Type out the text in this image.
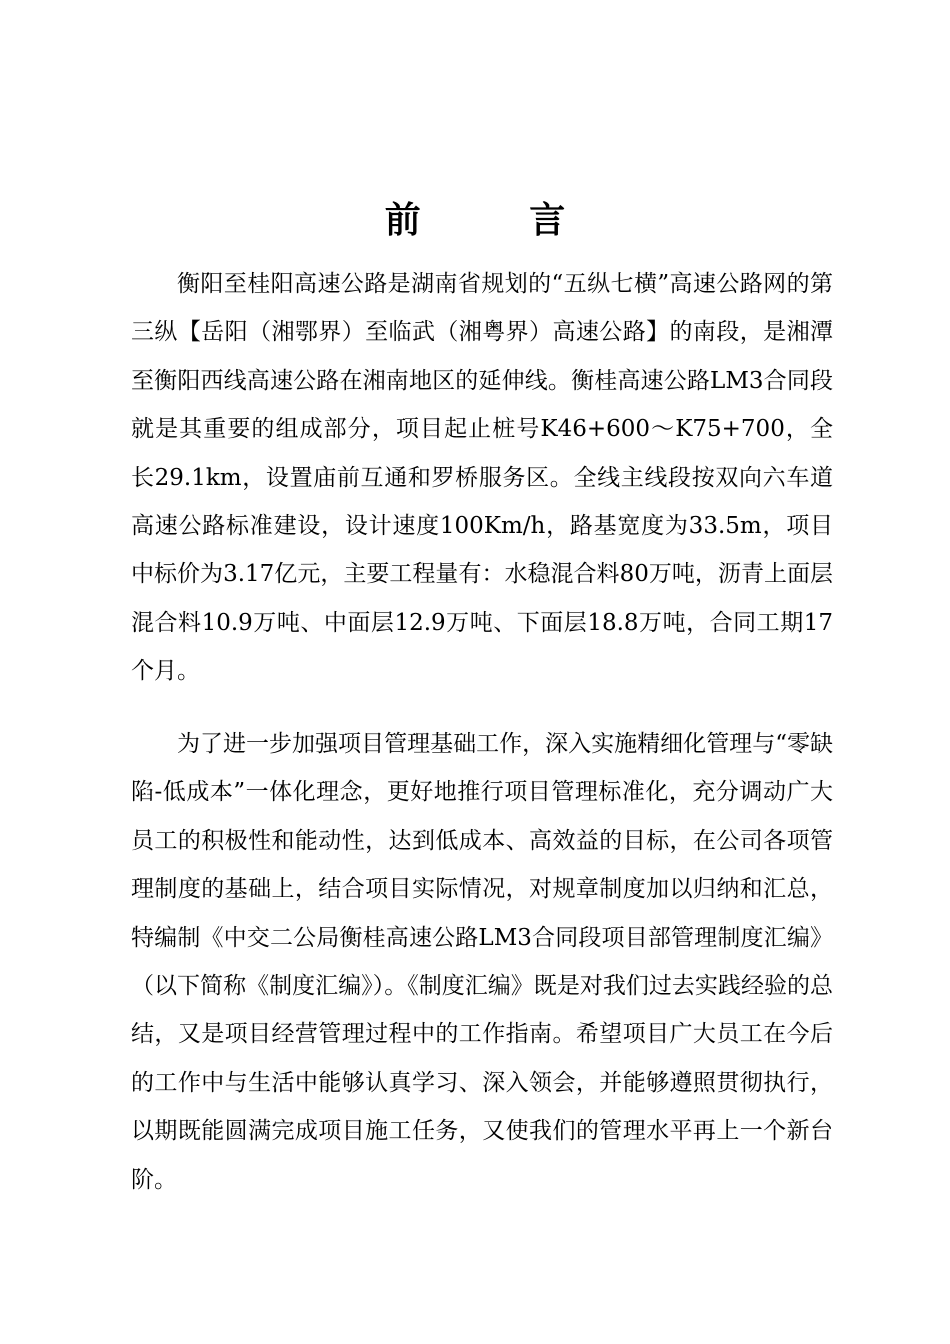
前 言

衡阳至桂阳高速公路是湖南省规划的“五纵七横”高速公路网的第三纵【岳阳（湘鄂界）至临武（湘粤界）高速公路】的南段，是湘潭至衡阳西线高速公路在湘南地区的延伸线。衡桂高速公路LM3合同段就是其重要的组成部分，项目起止桩号K46+600～K75+700，全长29.1km，设置庙前互通和罗桥服务区。全线主线段按双向六车道高速公路标准建设，设计速度100Km/h，路基宽度为33.5m，项目中标价为3.17亿元，主要工程量有：水稳混合料80万吨，沥青上面层混合料10.9万吨、中面层12.9万吨、下面层18.8万吨，合同工期17个月。

为了进一步加强项目管理基础工作，深入实施精细化管理与“零缺陷-低成本”一体化理念，更好地推行项目管理标准化，充分调动广大员工的积极性和能动性，达到低成本、高效益的目标，在公司各项管理制度的基础上，结合项目实际情况，对规章制度加以归纳和汇总，特编制《中交二公局衡桂高速公路LM3合同段项目部管理制度汇编》（以下简称《制度汇编》）。《制度汇编》既是对我们过去实践经验的总结，又是项目经营管理过程中的工作指南。希望项目广大员工在今后的工作中与生活中能够认真学习、深入领会，并能够遵照贯彻执行，以期既能圆满完成项目施工任务，又使我们的管理水平再上一个新台阶。
